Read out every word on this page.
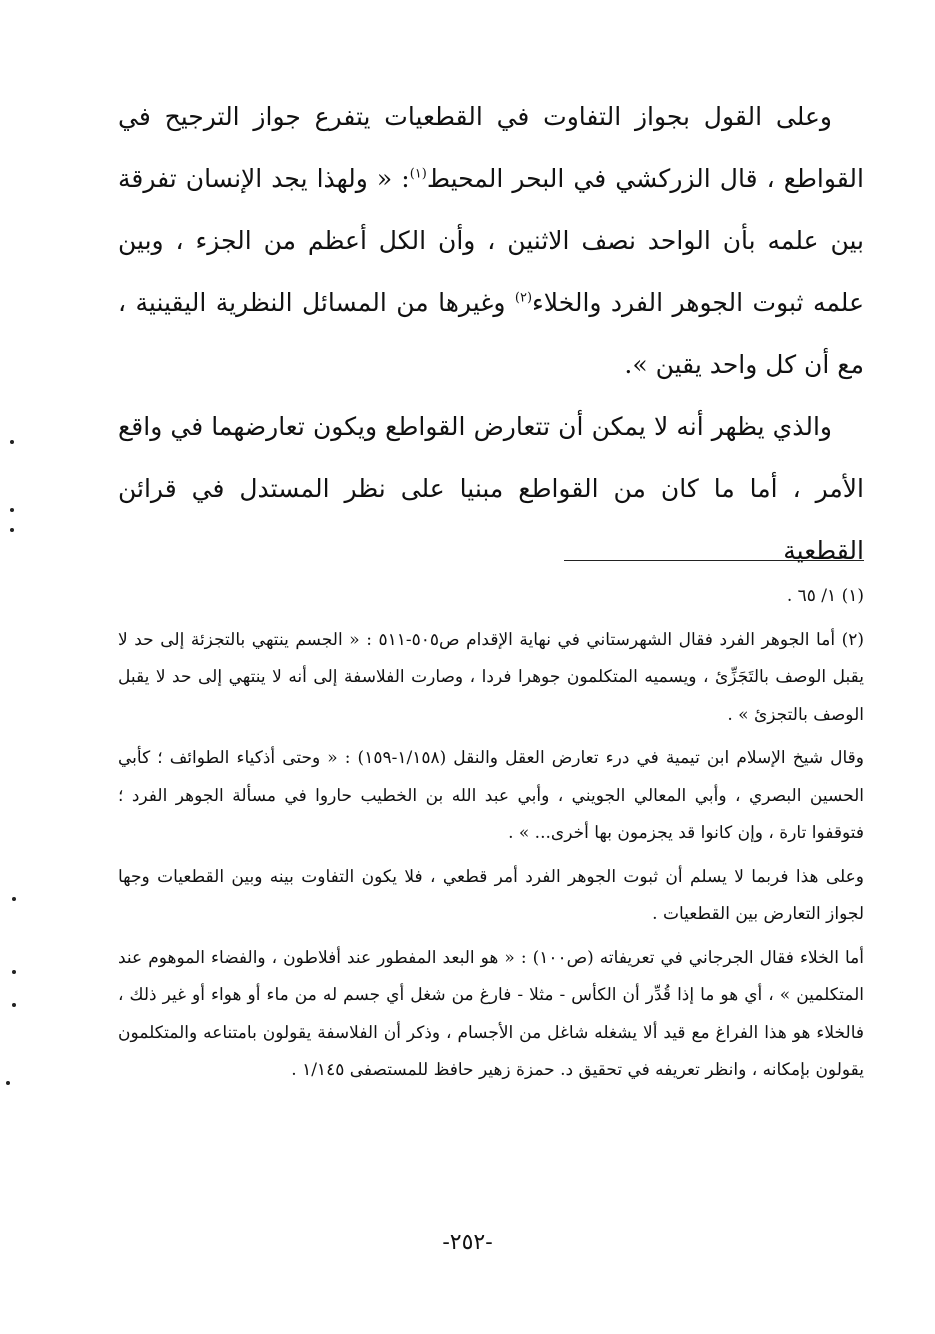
وعلى القول بجواز التفاوت في القطعيات يتفرع جواز الترجيح في القواطع ، قال الزركشي في البحر المحيط$^{(١)}$: « ولهذا يجد الإنسان تفرقة بين علمه بأن الواحد نصف الاثنين ، وأن الكل أعظم من الجزء ، وبين علمه ثبوت الجوهر الفرد والخلاء$^{(٢)}$ وغيرها من المسائل النظرية اليقينية ، مع أن كل واحد يقين ».

والذي يظهر أنه لا يمكن أن تتعارض القواطع ويكون تعارضهما في واقع الأمر ، أما ما كان من القواطع مبنيا على نظر المستدل في قرائن القطعية

(١) ١/ ٦٥ .

(٢) أما الجوهر الفرد فقال الشهرستاني في نهاية الإقدام ص٥٠٥-٥١١ : « الجسم ينتهي بالتجزئة إلى حد لا يقبل الوصف بالتَجَزِّئ ، ويسميه المتكلمون جوهرا فردا ، وصارت الفلاسفة إلى أنه لا ينتهي إلى حد لا يقبل الوصف بالتجزئ » .

وقال شيخ الإسلام ابن تيمية في درء تعارض العقل والنقل (١/١٥٨-١٥٩) : « وحتى أذكياء الطوائف ؛ كأبي الحسين البصري ، وأبي المعالي الجويني ، وأبي عبد الله بن الخطيب حاروا في مسألة الجوهر الفرد ؛ فتوقفوا تارة ، وإن كانوا قد يجزمون بها أخرى... » .

وعلى هذا فربما لا يسلم أن ثبوت الجوهر الفرد أمر قطعي ، فلا يكون التفاوت بينه وبين القطعيات وجها لجواز التعارض بين القطعيات .

أما الخلاء فقال الجرجاني في تعريفاته (ص١٠٠) : « هو البعد المفطور عند أفلاطون ، والفضاء الموهوم عند المتكلمين » ، أي هو ما إذا قُدِّر أن الكأس - مثلا - فارغ من شغل أي جسم له من ماء أو هواء أو غير ذلك ، فالخلاء هو هذا الفراغ مع قيد ألا يشغله شاغل من الأجسام ، وذكر أن الفلاسفة يقولون بامتناعه والمتكلمون يقولون بإمكانه ، وانظر تعريفه في تحقيق د. حمزة زهير حافظ للمستصفى ١/١٤٥ .

-٢٥٢-
